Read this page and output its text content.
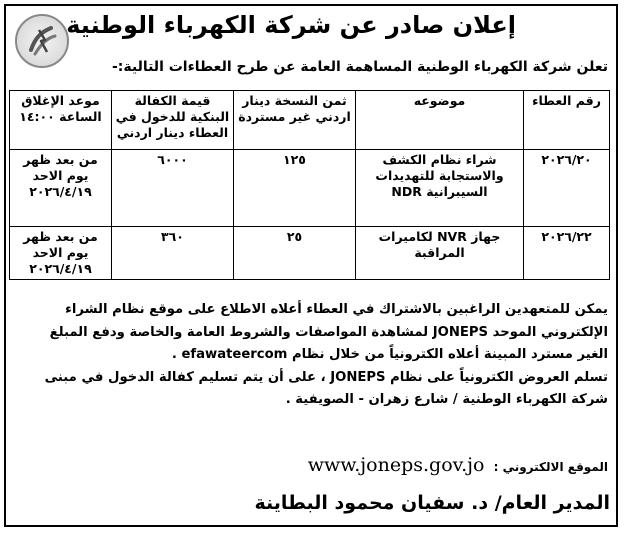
إعلان صادر عن شركة الكهرباء الوطنية
تعلن شركة الكهرباء الوطنية المساهمة العامة عن طرح العطاءات التالية:-
رقم العطاء	موضوعه	ثمن النسخة دينار اردني غير مستردة	قيمة الكفالة البنكية للدخول في العطاء دينار اردني	موعد الإغلاق الساعة ١٤:٠٠
٢٠٢٦/٢٠	شراء نظام الكشف والاستجابة للتهديدات السيبرانية NDR	١٢٥	٦٠٠٠	من بعد ظهر يوم الاحد ٢٠٢٦/٤/١٩
٢٠٢٦/٢٢	جهاز NVR لكاميرات المراقبة	٢٥	٣٦٠	من بعد ظهر يوم الاحد ٢٠٢٦/٤/١٩

يمكن للمتعهدين الراغبين بالاشتراك في العطاء أعلاه الاطلاع على موقع نظام الشراء

الإلكتروني الموحد JONEPS لمشاهدة المواصفات والشروط العامة والخاصة ودفع المبلغ

الغير مسترد المبينة أعلاه الكترونياً من خلال نظام efawateercom .

تسلم العروض الكترونياً على نظام JONEPS ، على أن يتم تسليم كفالة الدخول في مبنى

شركة الكهرباء الوطنية / شارع زهران - الصويفية .

الموقع الالكتروني : www.joneps.gov.jo
المدير العام/ د. سفيان محمود البطاينة
